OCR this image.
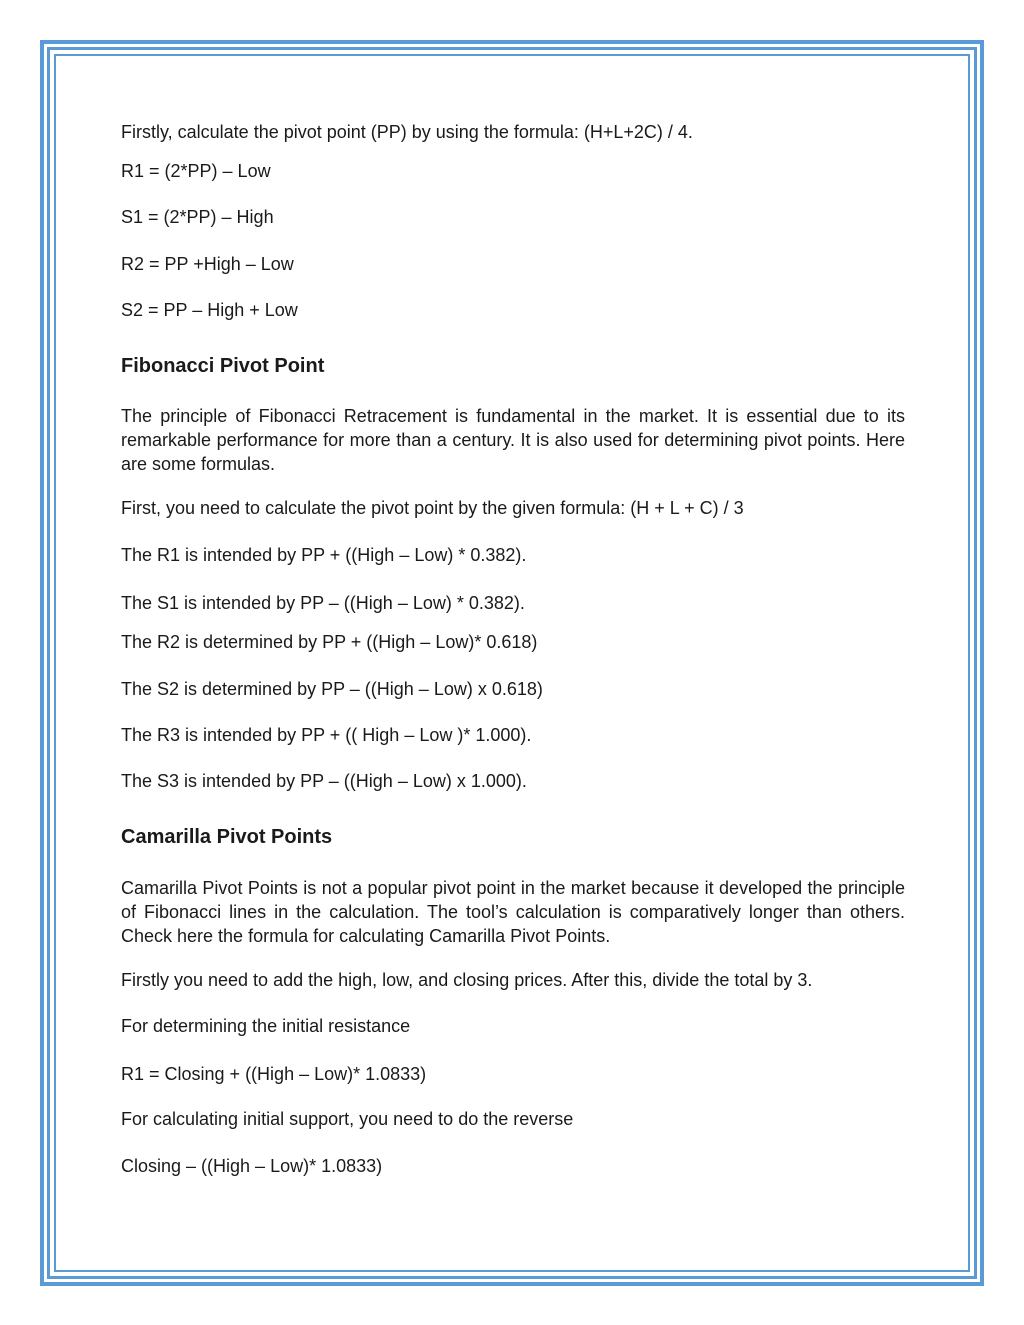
Firstly, calculate the pivot point (PP) by using the formula: (H+L+2C) / 4.
R1 = (2*PP) – Low
S1 = (2*PP) – High
R2 = PP +High – Low
S2 = PP – High + Low
Fibonacci Pivot Point
The principle of Fibonacci Retracement is fundamental in the market. It is essential due to its remarkable performance for more than a century. It is also used for determining pivot points. Here are some formulas.
First, you need to calculate the pivot point by the given formula: (H + L + C) / 3
The R1 is intended by PP + ((High – Low) * 0.382).
The S1 is intended by PP – ((High – Low) * 0.382).
The R2 is determined by PP + ((High – Low)* 0.618)
The S2 is determined by PP – ((High – Low) x 0.618)
The R3 is intended by PP + (( High – Low )* 1.000).
The S3 is intended by PP – ((High – Low) x 1.000).
Camarilla Pivot Points
Camarilla Pivot Points is not a popular pivot point in the market because it developed the principle of Fibonacci lines in the calculation. The tool’s calculation is comparatively longer than others. Check here the formula for calculating Camarilla Pivot Points.
Firstly you need to add the high, low, and closing prices. After this, divide the total by 3.
For determining the initial resistance
R1 = Closing + ((High – Low)* 1.0833)
For calculating initial support, you need to do the reverse
Closing – ((High – Low)* 1.0833)
